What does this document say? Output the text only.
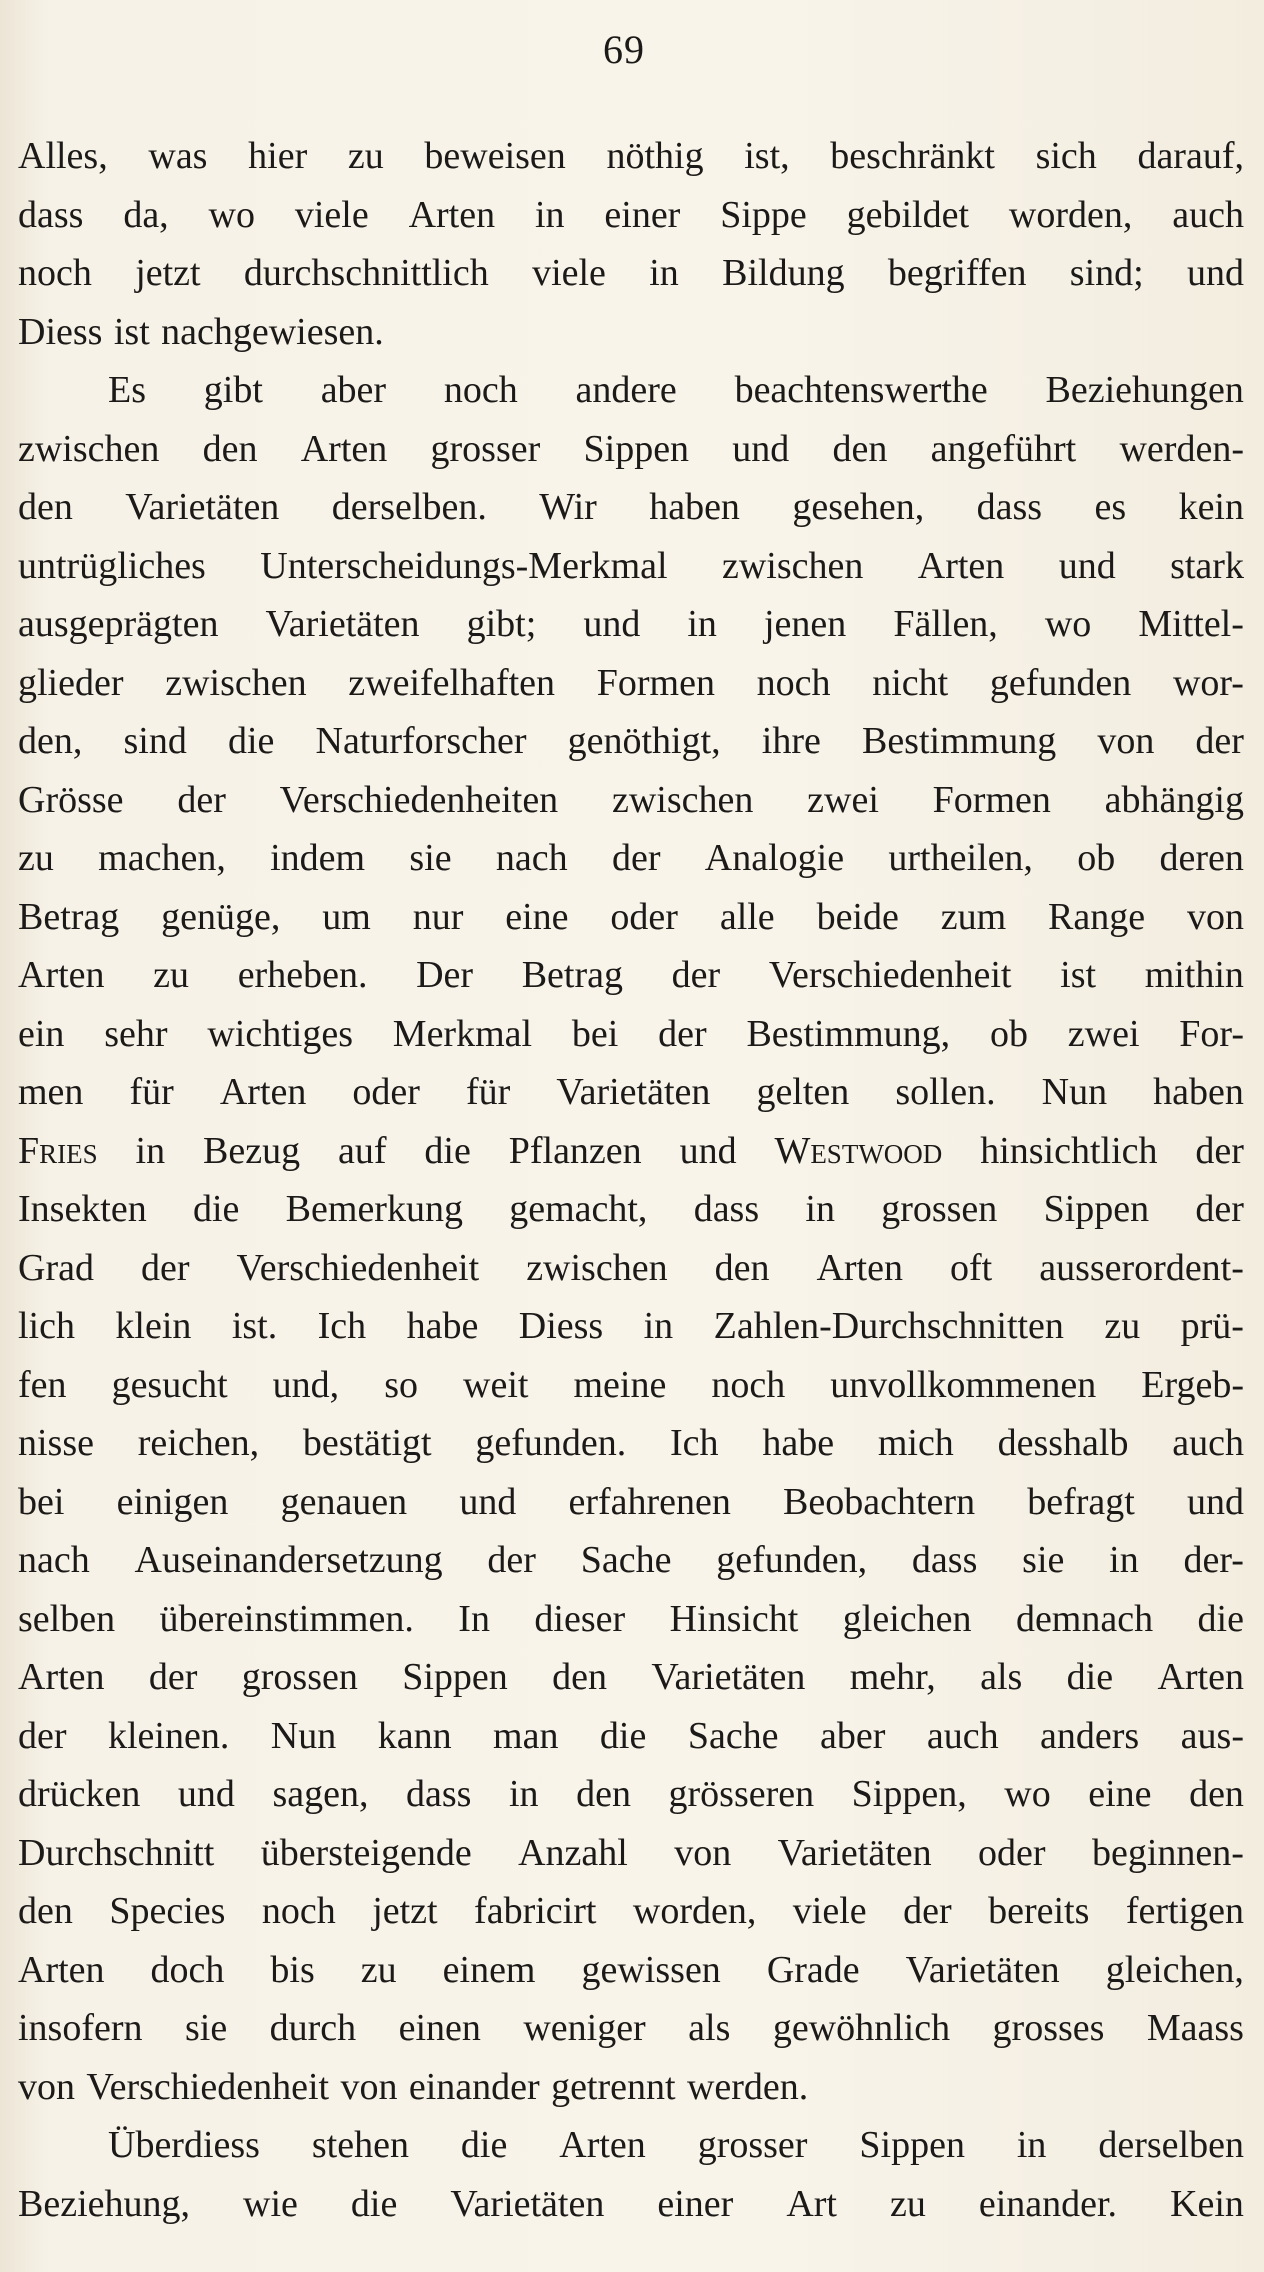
69
Alles, was hier zu beweisen nöthig ist, beschränkt sich darauf,
dass da, wo viele Arten in einer Sippe gebildet worden, auch
noch jetzt durchschnittlich viele in Bildung begriffen sind; und
Diess ist nachgewiesen.
Es gibt aber noch andere beachtenswerthe Beziehungen
zwischen den Arten grosser Sippen und den angeführt werden-
den Varietäten derselben. Wir haben gesehen, dass es kein
untrügliches Unterscheidungs-Merkmal zwischen Arten und stark
ausgeprägten Varietäten gibt; und in jenen Fällen, wo Mittel-
glieder zwischen zweifelhaften Formen noch nicht gefunden wor-
den, sind die Naturforscher genöthigt, ihre Bestimmung von der
Grösse der Verschiedenheiten zwischen zwei Formen abhängig
zu machen, indem sie nach der Analogie urtheilen, ob deren
Betrag genüge, um nur eine oder alle beide zum Range von
Arten zu erheben. Der Betrag der Verschiedenheit ist mithin
ein sehr wichtiges Merkmal bei der Bestimmung, ob zwei For-
men für Arten oder für Varietäten gelten sollen. Nun haben
Fries in Bezug auf die Pflanzen und Westwood hinsichtlich der
Insekten die Bemerkung gemacht, dass in grossen Sippen der
Grad der Verschiedenheit zwischen den Arten oft ausserordent-
lich klein ist. Ich habe Diess in Zahlen-Durchschnitten zu prü-
fen gesucht und, so weit meine noch unvollkommenen Ergeb-
nisse reichen, bestätigt gefunden. Ich habe mich desshalb auch
bei einigen genauen und erfahrenen Beobachtern befragt und
nach Auseinandersetzung der Sache gefunden, dass sie in der-
selben übereinstimmen. In dieser Hinsicht gleichen demnach die
Arten der grossen Sippen den Varietäten mehr, als die Arten
der kleinen. Nun kann man die Sache aber auch anders aus-
drücken und sagen, dass in den grösseren Sippen, wo eine den
Durchschnitt übersteigende Anzahl von Varietäten oder beginnen-
den Species noch jetzt fabricirt worden, viele der bereits fertigen
Arten doch bis zu einem gewissen Grade Varietäten gleichen,
insofern sie durch einen weniger als gewöhnlich grosses Maass
von Verschiedenheit von einander getrennt werden.
Überdiess stehen die Arten grosser Sippen in derselben
Beziehung, wie die Varietäten einer Art zu einander. Kein
